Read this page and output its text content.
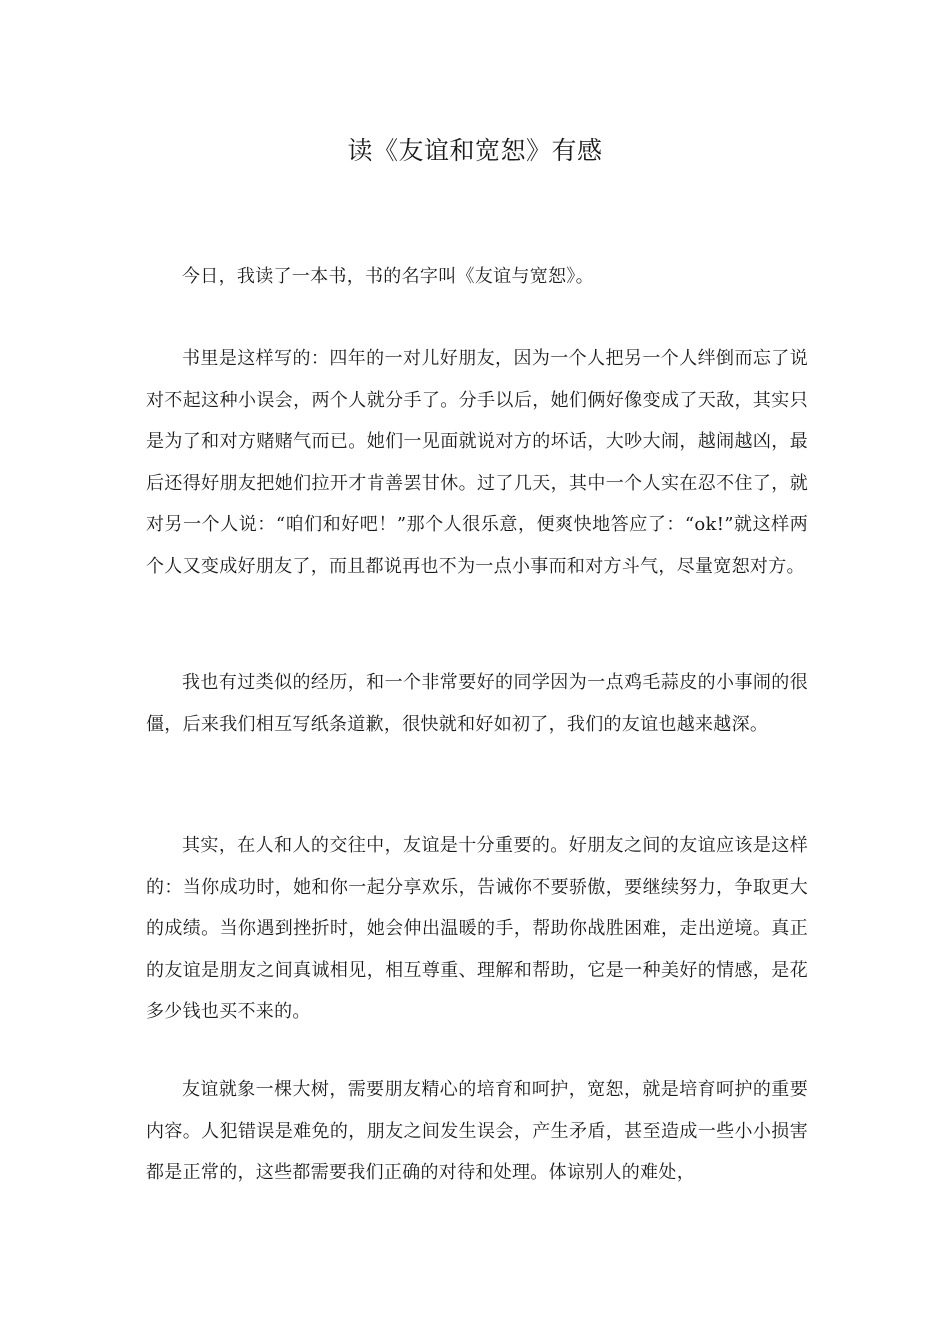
读《友谊和宽恕》有感

今日，我读了一本书，书的名字叫《友谊与宽恕》。

书里是这样写的：四年的一对儿好朋友，因为一个人把另一个人绊倒而忘了说对不起这种小误会，两个人就分手了。分手以后，她们俩好像变成了天敌，其实只是为了和对方赌赌气而已。她们一见面就说对方的坏话，大吵大闹，越闹越凶，最后还得好朋友把她们拉开才肯善罢甘休。过了几天，其中一个人实在忍不住了，就对另一个人说：“咱们和好吧！”那个人很乐意，便爽快地答应了：“ok!”就这样两个人又变成好朋友了，而且都说再也不为一点小事而和对方斗气，尽量宽恕对方。

我也有过类似的经历，和一个非常要好的同学因为一点鸡毛蒜皮的小事闹的很僵，后来我们相互写纸条道歉，很快就和好如初了，我们的友谊也越来越深。

其实，在人和人的交往中，友谊是十分重要的。好朋友之间的友谊应该是这样的：当你成功时，她和你一起分享欢乐，告诫你不要骄傲，要继续努力，争取更大的成绩。当你遇到挫折时，她会伸出温暖的手，帮助你战胜困难，走出逆境。真正的友谊是朋友之间真诚相见，相互尊重、理解和帮助，它是一种美好的情感，是花多少钱也买不来的。

友谊就象一棵大树，需要朋友精心的培育和呵护，宽恕，就是培育呵护的重要内容。人犯错误是难免的，朋友之间发生误会，产生矛盾，甚至造成一些小小损害都是正常的，这些都需要我们正确的对待和处理。体谅别人的难处，
